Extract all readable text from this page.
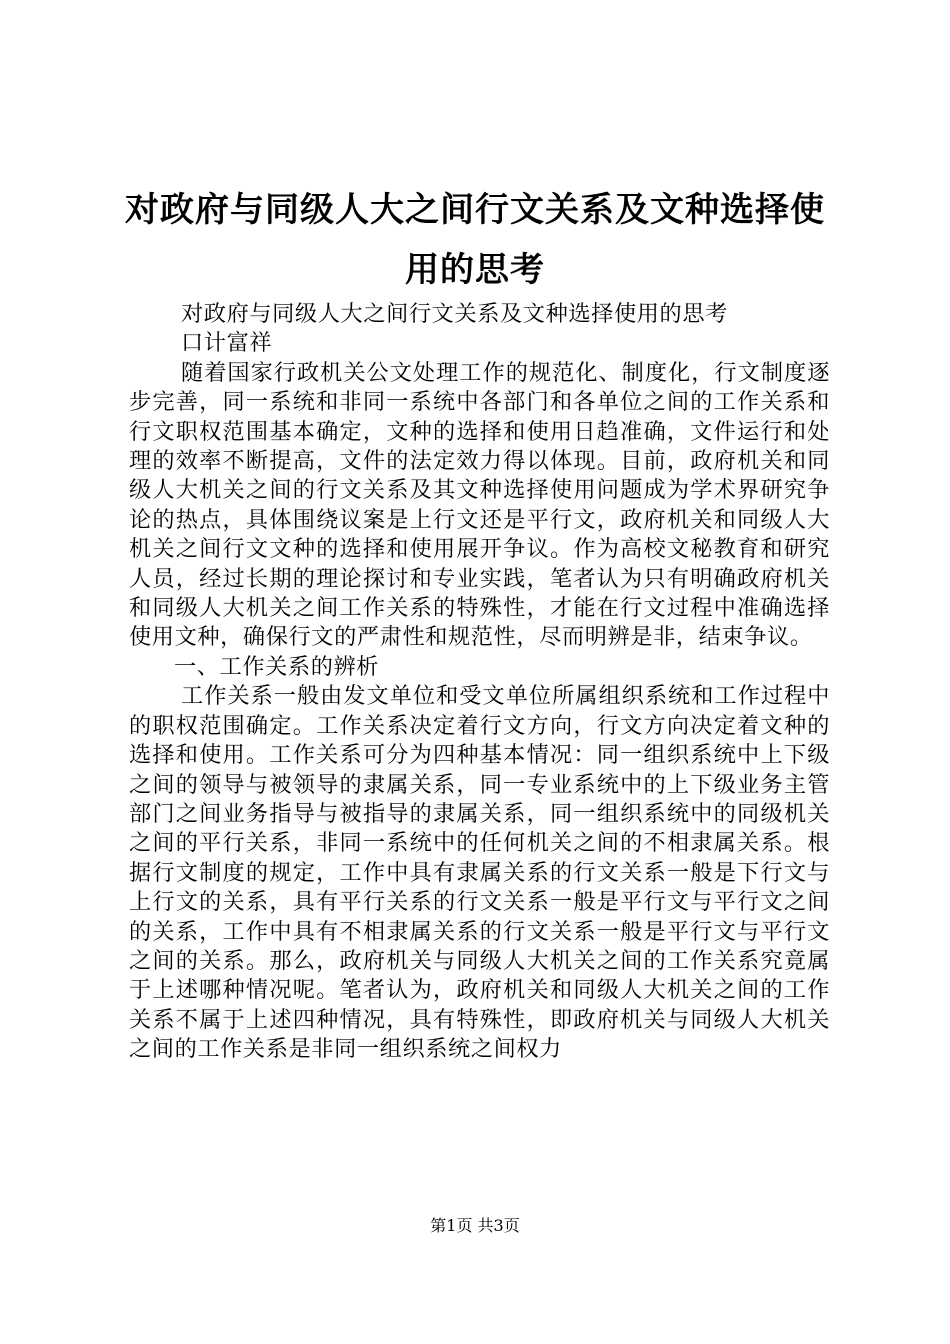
对政府与同级人大之间行文关系及文种选择使用的思考

对政府与同级人大之间行文关系及文种选择使用的思考

口计富祥

随着国家行政机关公文处理工作的规范化、制度化，行文制度逐步完善，同一系统和非同一系统中各部门和各单位之间的工作关系和行文职权范围基本确定，文种的选择和使用日趋准确，文件运行和处理的效率不断提高，文件的法定效力得以体现。目前，政府机关和同级人大机关之间的行文关系及其文种选择使用问题成为学术界研究争论的热点，具体围绕议案是上行文还是平行文，政府机关和同级人大机关之间行文文种的选择和使用展开争议。作为高校文秘教育和研究人员，经过长期的理论探讨和专业实践，笔者认为只有明确政府机关和同级人大机关之间工作关系的特殊性，才能在行文过程中准确选择使用文种，确保行文的严肃性和规范性，尽而明辨是非，结束争议。

一、工作关系的辨析

工作关系一般由发文单位和受文单位所属组织系统和工作过程中的职权范围确定。工作关系决定着行文方向，行文方向决定着文种的选择和使用。工作关系可分为四种基本情况：同一组织系统中上下级之间的领导与被领导的隶属关系，同一专业系统中的上下级业务主管部门之间业务指导与被指导的隶属关系，同一组织系统中的同级机关之间的平行关系，非同一系统中的任何机关之间的不相隶属关系。根据行文制度的规定，工作中具有隶属关系的行文关系一般是下行文与上行文的关系，具有平行关系的行文关系一般是平行文与平行文之间的关系，工作中具有不相隶属关系的行文关系一般是平行文与平行文之间的关系。那么，政府机关与同级人大机关之间的工作关系究竟属于上述哪种情况呢。笔者认为，政府机关和同级人大机关之间的工作关系不属于上述四种情况，具有特殊性，即政府机关与同级人大机关之间的工作关系是非同一组织系统之间权力

第1页 共3页
